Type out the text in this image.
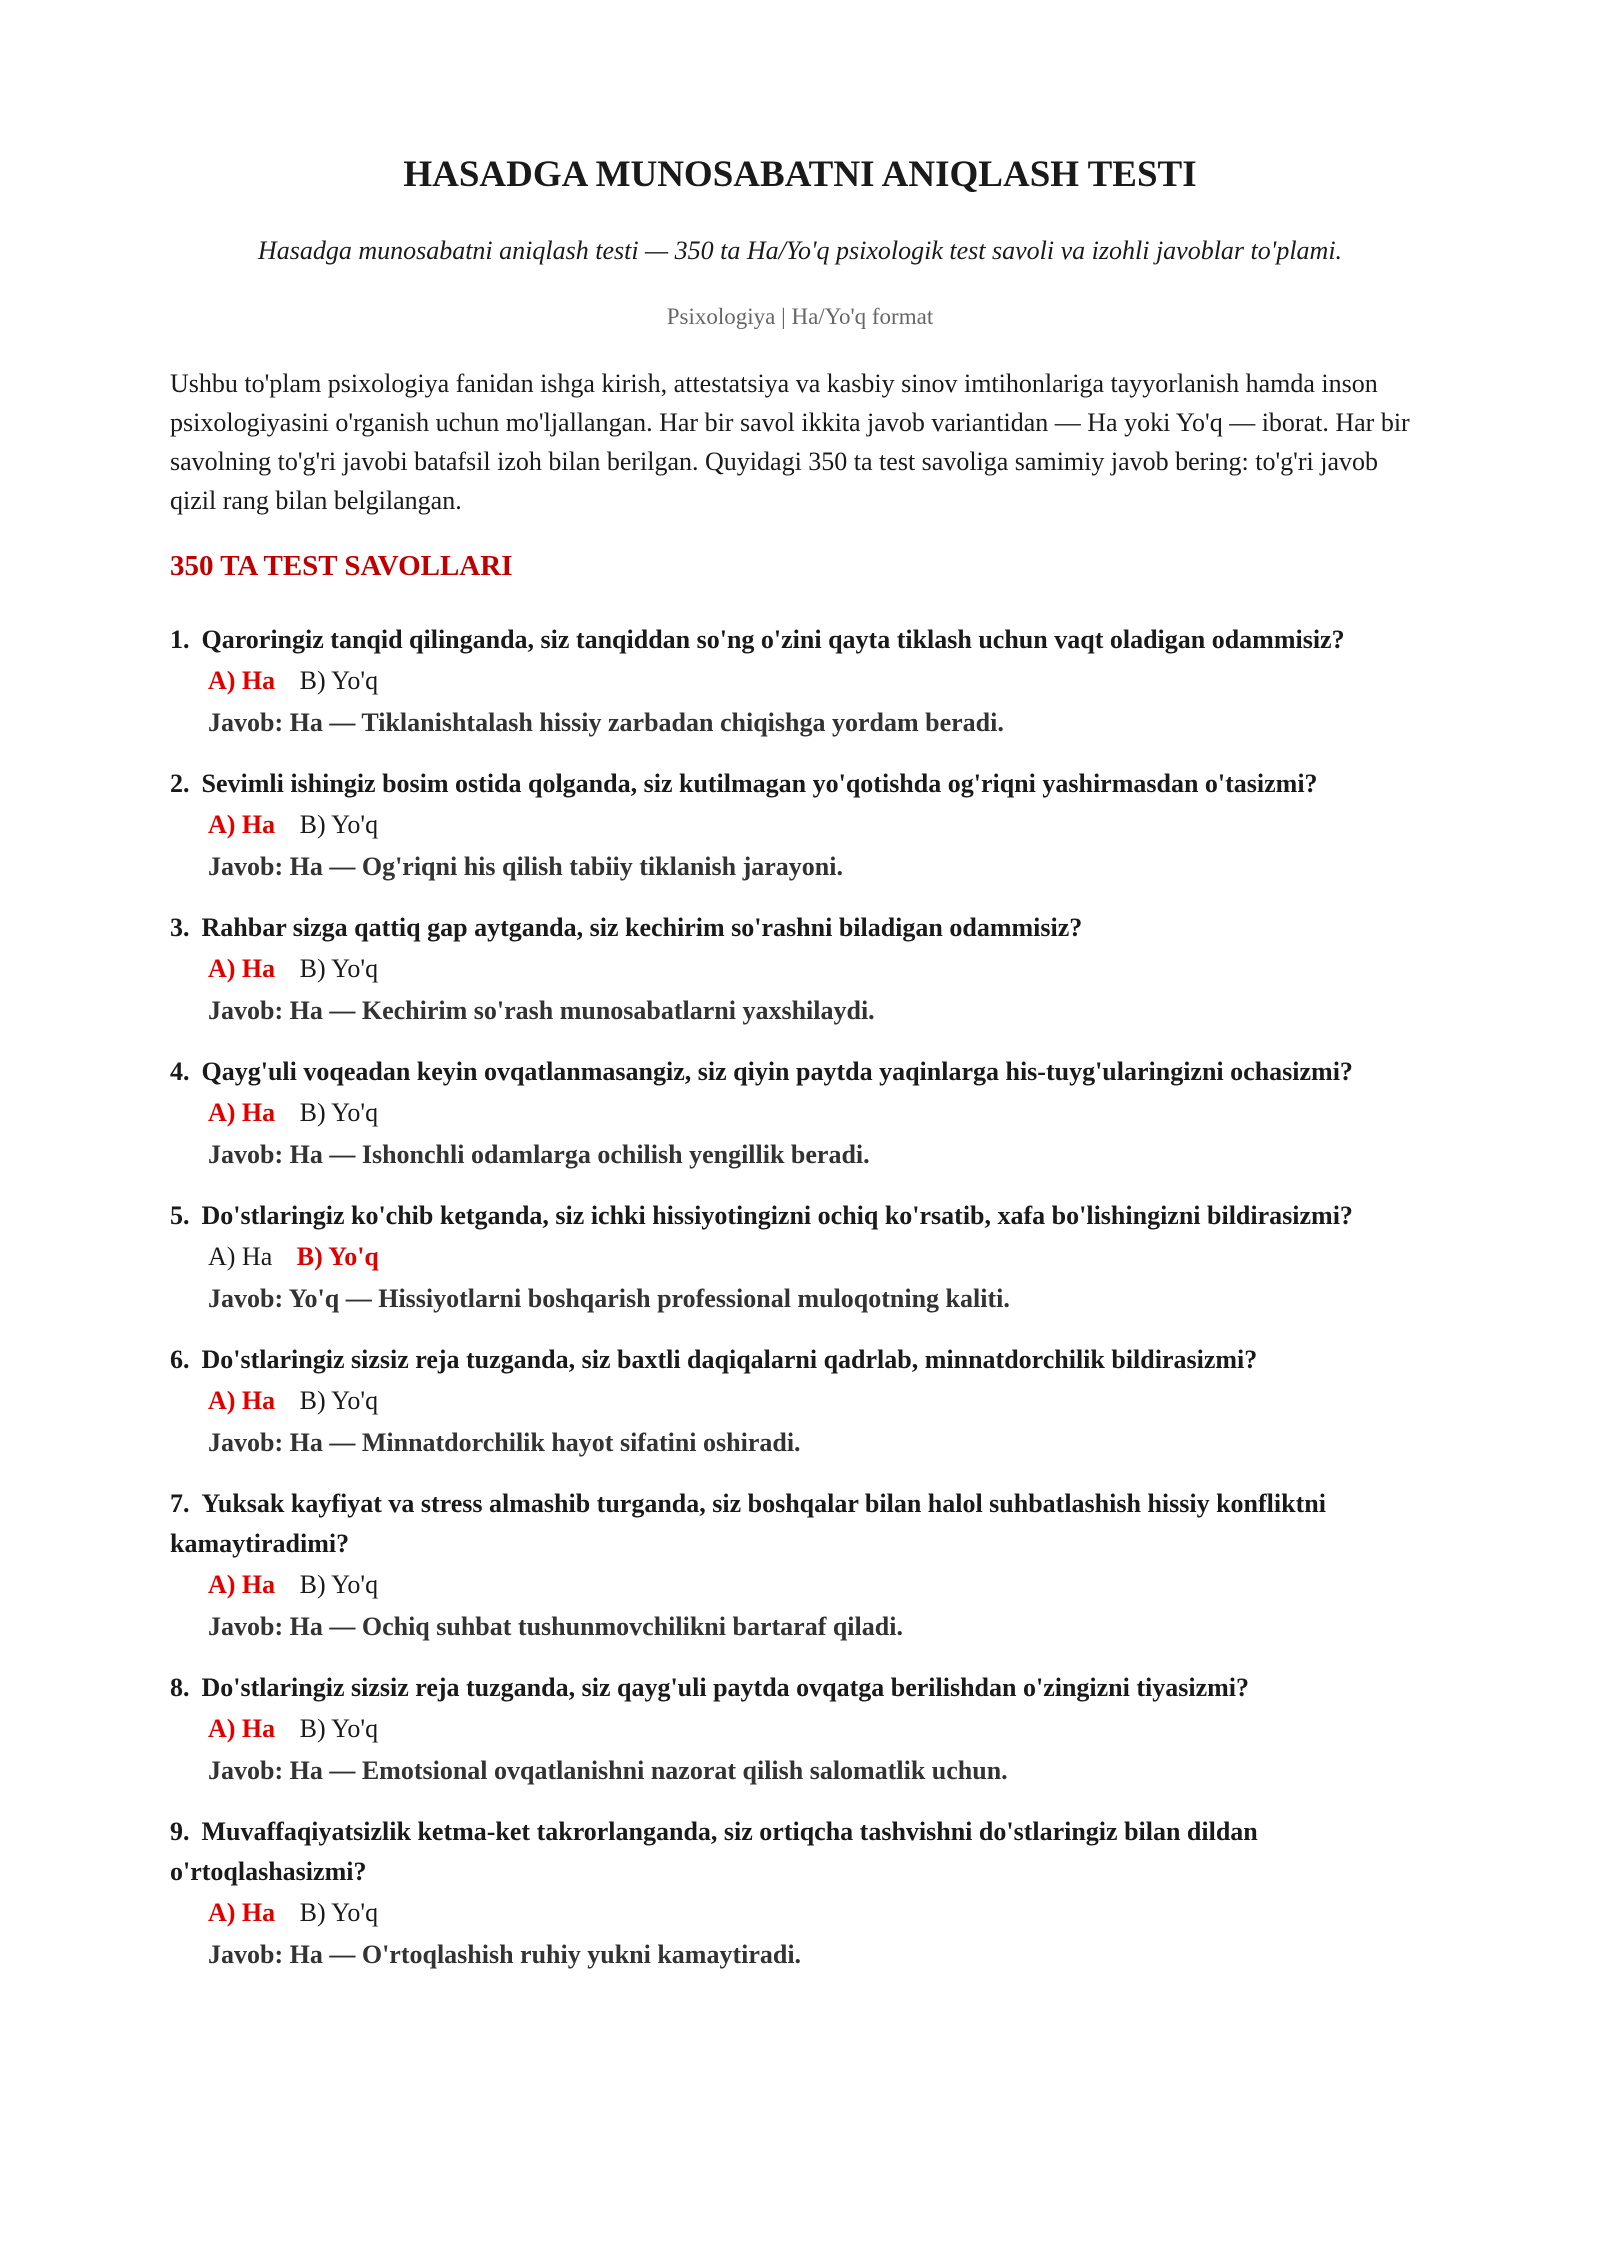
HASADGA MUNOSABATNI ANIQLASH TESTI

Hasadga munosabatni aniqlash testi — 350 ta Ha/Yo'q psixologik test savoli va izohli javoblar to'plami.

Psixologiya | Ha/Yo'q format

Ushbu to'plam psixologiya fanidan ishga kirish, attestatsiya va kasbiy sinov imtihonlariga tayyorlanish hamda inson psixologiyasini o'rganish uchun mo'ljallangan. Har bir savol ikkita javob variantidan — Ha yoki Yo'q — iborat. Har bir savolning to'g'ri javobi batafsil izoh bilan berilgan. Quyidagi 350 ta test savoliga samimiy javob bering: to'g'ri javob qizil rang bilan belgilangan.

350 TA TEST SAVOLLARI

1. Qaroringiz tanqid qilinganda, siz tanqiddan so'ng o'zini qayta tiklash uchun vaqt oladigan odammisiz?

A) Ha B) Yo'q
Javob: Ha — Tiklanishtalash hissiy zarbadan chiqishga yordam beradi.

2. Sevimli ishingiz bosim ostida qolganda, siz kutilmagan yo'qotishda og'riqni yashirmasdan o'tasizmi?

A) Ha B) Yo'q
Javob: Ha — Og'riqni his qilish tabiiy tiklanish jarayoni.

3. Rahbar sizga qattiq gap aytganda, siz kechirim so'rashni biladigan odammisiz?

A) Ha B) Yo'q
Javob: Ha — Kechirim so'rash munosabatlarni yaxshilaydi.

4. Qayg'uli voqeadan keyin ovqatlanmasangiz, siz qiyin paytda yaqinlarga his-tuyg'ularingizni ochasizmi?

A) Ha B) Yo'q
Javob: Ha — Ishonchli odamlarga ochilish yengillik beradi.

5. Do'stlaringiz ko'chib ketganda, siz ichki hissiyotingizni ochiq ko'rsatib, xafa bo'lishingizni bildirasizmi?

A) Ha B) Yo'q
Javob: Yo'q — Hissiyotlarni boshqarish professional muloqotning kaliti.

6. Do'stlaringiz sizsiz reja tuzganda, siz baxtli daqiqalarni qadrlab, minnatdorchilik bildirasizmi?

A) Ha B) Yo'q
Javob: Ha — Minnatdorchilik hayot sifatini oshiradi.

7. Yuksak kayfiyat va stress almashib turganda, siz boshqalar bilan halol suhbatlashish hissiy konfliktni kamaytiradimi?

A) Ha B) Yo'q
Javob: Ha — Ochiq suhbat tushunmovchilikni bartaraf qiladi.

8. Do'stlaringiz sizsiz reja tuzganda, siz qayg'uli paytda ovqatga berilishdan o'zingizni tiyasizmi?

A) Ha B) Yo'q
Javob: Ha — Emotsional ovqatlanishni nazorat qilish salomatlik uchun.

9. Muvaffaqiyatsizlik ketma-ket takrorlanganda, siz ortiqcha tashvishni do'stlaringiz bilan dildan o'rtoqlashasizmi?

A) Ha B) Yo'q
Javob: Ha — O'rtoqlashish ruhiy yukni kamaytiradi.
